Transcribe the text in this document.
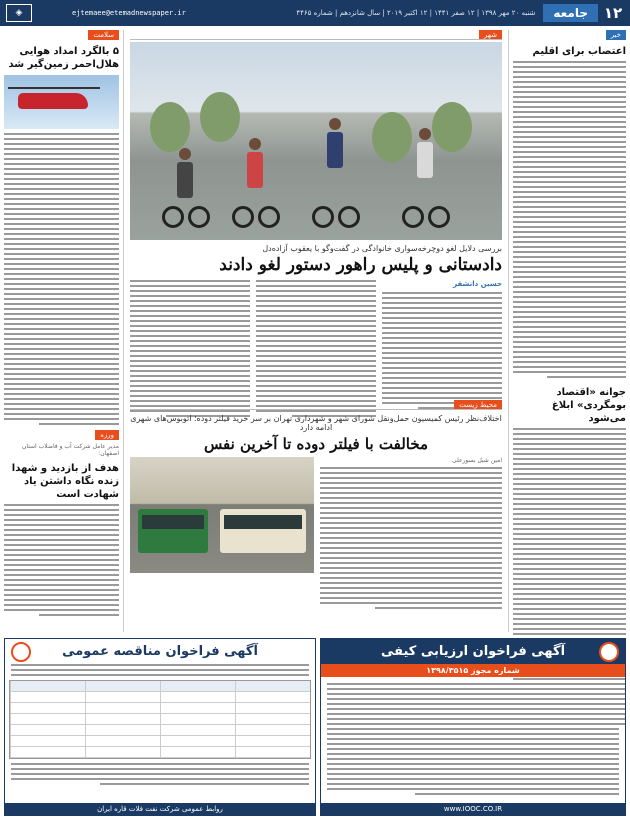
۱۲
جامعه
شنبه ۲۰ مهر ۱۳۹۸ | ۱۲ صفر ۱۴۴۱ | ۱۲ اکتبر ۲۰۱۹ | سال شانزدهم | شماره ۴۴۶۵
ejtemaee@etemadnewspaper.ir
◈
خبر
اعتصاب برای اقلیم
جوانه «اقتصاد بومگردی» ابلاغ می‌شود
شهر
بررسی دلایل لغو دوچرخه‌سواری خانوادگی در گفت‌وگو با یعقوب آزاده‌دل
داد‌ستانی و پلیس راهور دستور لغو دادند
حسین دانشفر
محیط زیست
اختلاف‌نظر رئیس کمیسیون حمل‌ونقل شورای شهر و شهرداری تهران بر سر خرید فیلتر دوده؛ اتوبوس‌های شهری ادامه دارد
مخالفت با فیلتر دوده تا آخرین نفس
امین شیل بسورعلی
سلامت
۵ بالگرد امداد هوایی هلال‌احمر زمین‌گیر شد
ورزه
مدیر عامل شرکت آب و فاضلاب استان اصفهان:
هدف از بازدید و شهدا زنده نگاه داشتن یاد شهادت است
آگهی فراخوان ارزیابی کیفی
شماره مجوز ۱۳۹۸/۳۵۱۵
www.IOOC.CO.IR
آگهی فراخوان مناقصه عمومی
روابط عمومی شرکت نفت فلات قاره ایران
